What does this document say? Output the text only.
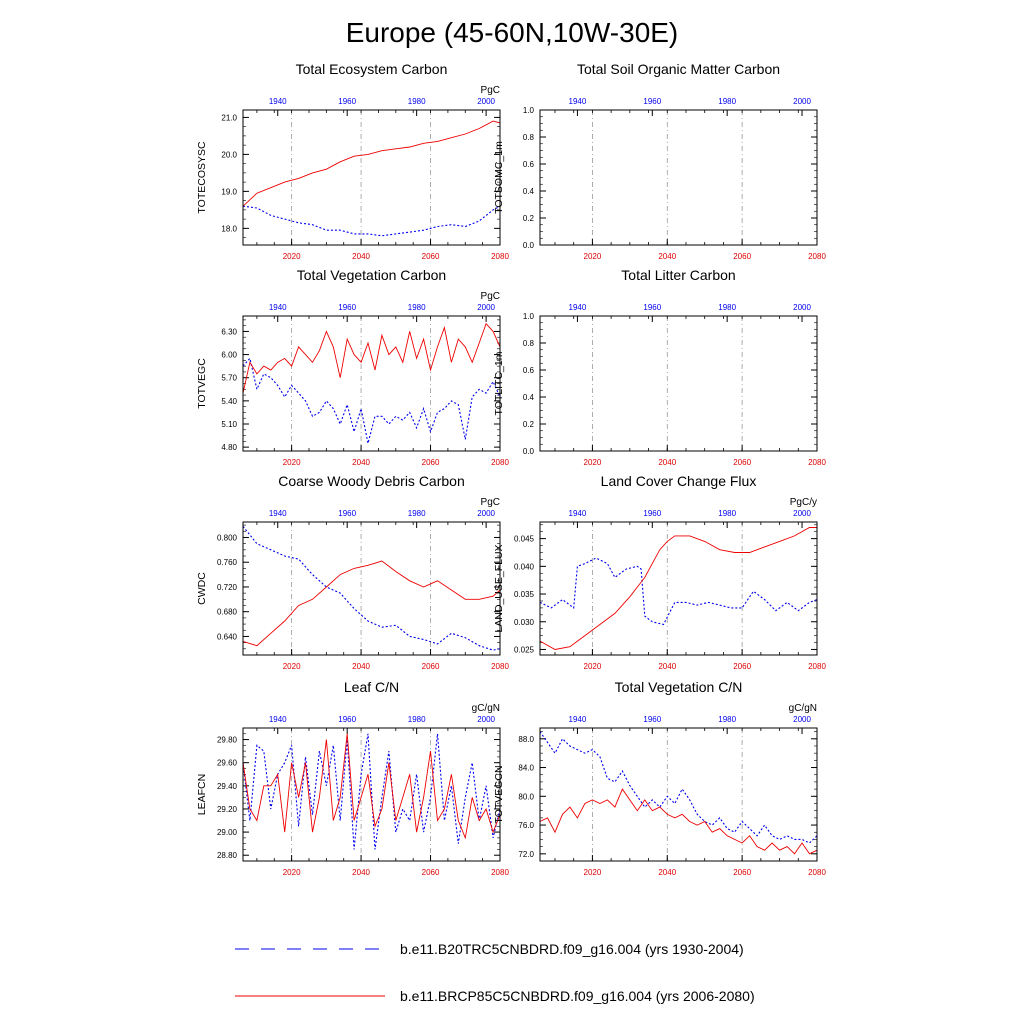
Europe (45-60N,10W-30E)
Total Ecosystem Carbon
PgC
2020	2040	2060	2080
1940	1960	1980	2000
18.0
19.0
20.0
21.0
TOTECOSYSC
Total Soil Organic Matter Carbon
2020	2040	2060	2080
1940	1960	1980	2000
0.0
0.2
0.4
0.6
0.8
1.0
TOTSOMC_1m
Total Vegetation Carbon
PgC
2020	2040	2060	2080
1940	1960	1980	2000
4.80
5.10
5.40
5.70
6.00
6.30
TOTVEGC
Total Litter Carbon
2020	2040	2060	2080
1940	1960	1980	2000
0.0
0.2
0.4
0.6
0.8
1.0
TOTLITC_1m
Coarse Woody Debris Carbon
PgC
2020	2040	2060	2080
1940	1960	1980	2000
0.640
0.680
0.720
0.760
0.800
CWDC
Land Cover Change Flux
PgC/y
2020	2040	2060	2080
1940	1960	1980	2000
0.025
0.030
0.035
0.040
0.045
LAND_USE_FLUX
Leaf C/N
gC/gN
2020	2040	2060	2080
1940	1960	1980	2000
28.80
29.00
29.20
29.40
29.60
29.80
LEAFCN
Total Vegetation C/N
gC/gN
2020	2040	2060	2080
1940	1960	1980	2000
72.0
76.0
80.0
84.0
88.0
TOTVEGCN
b.e11.B20TRC5CNBDRD.f09_g16.004 (yrs 1930-2004)
b.e11.BRCP85C5CNBDRD.f09_g16.004 (yrs 2006-2080)
